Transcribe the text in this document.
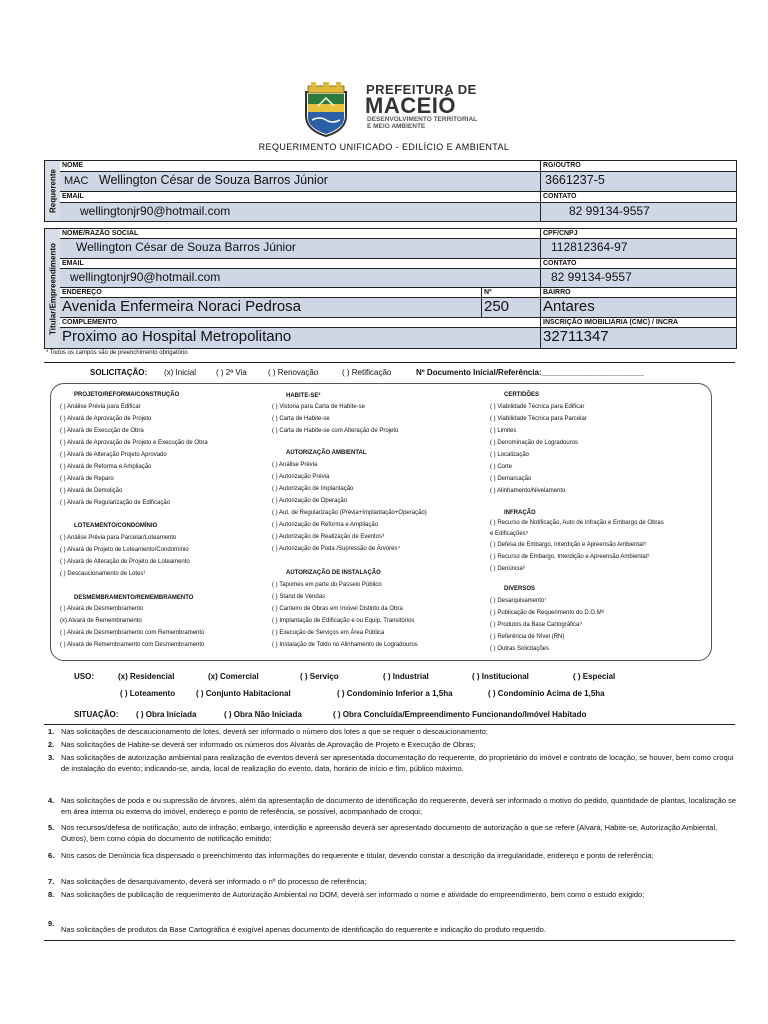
PREFEITURA DE
MACEIÓ
DESENVOLVIMENTO TERRITORIAL
E MEIO AMBIENTE
REQUERIMENTO UNIFICADO - EDILÍCIO E AMBIENTAL
Requerente
NOME	RG/OUTRO
MAC Wellington César de Souza Barros Júnior	3661237-5
EMAIL	CONTATO
wellingtonjr90@hotmail.com	82 99134-9557
Titular/Empreendimento
NOME/RAZÃO SOCIAL	CPF/CNPJ
Wellington César de Souza Barros Júnior	112812364-97
EMAIL	CONTATO
wellingtonjr90@hotmail.com	82 99134-9557
ENDEREÇO	Nº	BAIRRO
Avenida Enfermeira Noraci Pedrosa	250	Antares
COMPLEMENTO	INSCRIÇÃO IMOBILIÁRIA (CMC) / INCRA
Proximo ao Hospital Metropolitano	32711347
* Todos os campos são de preenchimento obrigatório
SOLICITAÇÃO: (x) Inicial ( ) 2ª Via	( ) Renovação	( ) Retificação	Nº Documento Inicial/Referência:_______________________
PROJETO/REFORMA/CONSTRUÇÃO
( ) Análise Prévia para Edificar
( ) Alvará de Aprovação de Projeto
( ) Alvará de Execução de Obra
( ) Alvará de Aprovação de Projeto e Execução de Obra
( ) Alvará de Alteração Projeto Aprovado
( ) Alvará de Reforma e Ampliação
( ) Alvará de Reparo
( ) Alvará de Demolição
( ) Alvará de Regularização de Edificação
LOTEAMENTO/CONDOMÍNIO
( ) Análise Prévia para Parcelar/Loteamento
( ) Alvará de Projeto de Loteamento/Condomínio
( ) Alvará de Alteração de Projeto de Loteamento
( ) Descaucionamento de Lotes¹
DESMEMBRAMENTO/REMEMBRAMENTO
( ) Alvará de Desmembramento
(x) Alvará de Remembramento
( ) Alvará de Desmembramento com Remembramento
( ) Alvará de Remembramento com Desmembramento
HABITE-SE²
( ) Vistoria para Carta de Habite-se
( ) Carta de Habite-se
( ) Carta de Habite-se com Alteração de Projeto
AUTORIZAÇÃO AMBIENTAL
( ) Análise Prévia
( ) Autorização Prévia
( ) Autorização de Implantação
( ) Autorização de Operação
( ) Aut. de Regularização (Prévia+Implantação+Operação)
( ) Autorização de Reforma e Ampliação
( ) Autorização de Realização de Eventos³
( ) Autorização de Poda /Supressão de Árvores⁴
AUTORIZAÇÃO DE INSTALAÇÃO
( ) Tapumes em parte do Passeio Público
( ) Stand de Vendas
( ) Canteiro de Obras em Imóvel Distinto da Obra
( ) Implantação de Edificação e ou Equip. Transitórios
( ) Execução de Serviços em Área Pública
( ) Instalação de Toldo no Alinhamento de Logradouros
CERTIDÕES
( ) Viabilidade Técnica para Edificar
( ) Viabilidade Técnica para Parcelar
( ) Limites
( ) Denominação de Logradouros
( ) Localização
( ) Corte
( ) Demarcação
( ) Alinhamento/Nivelamento
INFRAÇÃO
( ) Recurso de Notificação, Auto de Infração e Embargo de Obras
e Edificações⁵
( ) Defesa de Embargo, Interdição e Apreensão Ambiental⁵
( ) Recurso de Embargo, Interdição e Apreensão Ambiental⁵
( ) Denúncia⁶
DIVERSOS
( ) Desarquivamento⁷
( ) Publicação de Requerimento do D.O.M⁸
( ) Produtos da Base Cartográfica⁹
( ) Referência de Nível (RN)
( ) Outras Solicitações
USO:	(x) Residencial	(x) Comercial	( ) Serviço	( ) Industrial	( ) Institucional	( ) Especial
( ) Loteamento	( ) Conjunto Habitacional	( ) Condomínio Inferior a 1,5ha	( ) Condomínio Acima de 1,5ha
SITUAÇÃO: ( ) Obra Iniciada	( ) Obra Não Iniciada	( ) Obra Concluída/Empreendimento Funcionando/Imóvel Habitado
1. Nas solicitações de descaucionamento de lotes, deverá ser informado o número dos lotes a que se requer o descaucionamento;
2. Nas solicitações de Habite-se deverá ser informado os números dos Alvarás de Aprovação de Projeto e Execução de Obras;
3. Nas solicitações de autorização ambiental para realização de eventos deverá ser apresentada documentação do requerente, do proprietário do imóvel e contrato de locação, se houver, bem como croqui de instalação do evento; indicando-se, ainda, local de realização do evento, data, horário de início e fim, público máximo.
4. Nas solicitações de poda e ou supressão de árvores, além da apresentação de documento de identificação do requerente, deverá ser informado o motivo do pedido, quantidade de plantas, localização se em área interna ou externa do imóvel, endereço e ponto de referência, se possível, acompanhado de croqui;
5. Nos recursos/defesa de notificação, auto de infração, embargo, interdição e apreensão deverá ser apresentado documento de autorização a que se refere (Alvará, Habite-se, Autorização Ambiental, Outros), bem como cópia do documento de notificação emitido;
6. Nos casos de Denúncia fica dispensado o preenchimento das informações do requerente e titular, devendo constar a descrição da irregularidade, endereço e ponto de referência;
7. Nas solicitações de desarquivamento, deverá ser informado o nº do processo de referência;
8. Nas solicitações de publicação de requerimento de Autorização Ambiental no DOM, deverá ser informado o nome e atividade do empreendimento, bem como o estudo exigido;
9.
Nas solicitações de produtos da Base Cartográfica é exigível apenas documento de identificação do requerente e indicação do produto requerido.
